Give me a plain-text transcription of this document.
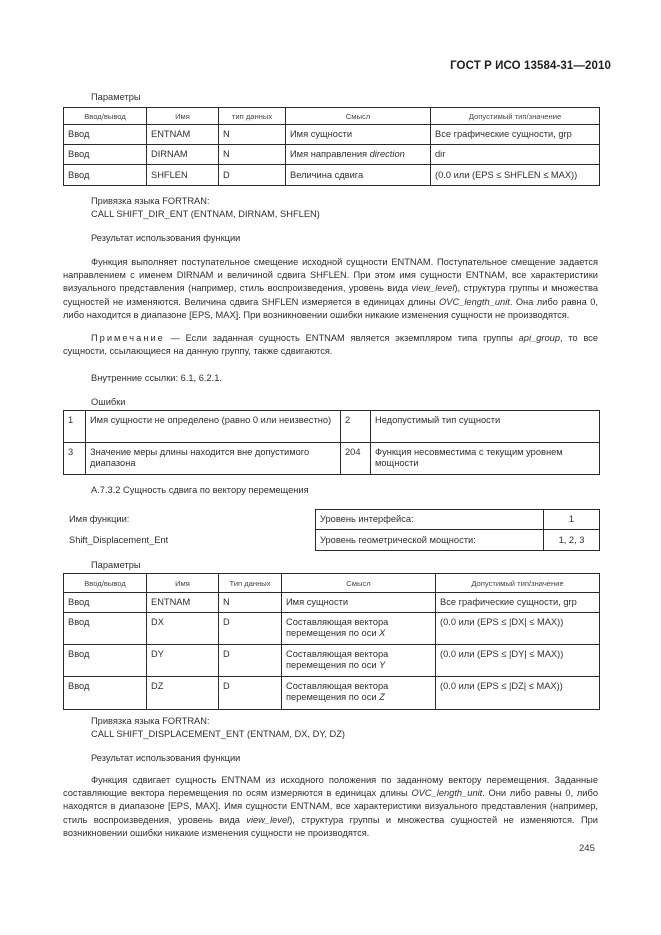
ГОСТ Р ИСО 13584-31—2010
Параметры
Ввод/вывод	Имя	тип данных	Смысл	Допустимый тип/значение
Ввод	ENTNAM	N	Имя сущности	Все графические сущности, grp
Ввод	DIRNAM	N	Имя направления direction	dir
Ввод	SHFLEN	D	Величина сдвига	(0.0 или (EPS ≤ SHFLEN ≤ MAX))
Привязка языка FORTRAN:
CALL SHIFT_DIR_ENT (ENTNAM, DIRNAM, SHFLEN)
Результат использования функции
Функция выполняет поступательное смещение исходной сущности ENTNAM. Поступательное смещение задается направлением с именем DIRNAM и величиной сдвига SHFLEN. При этом имя сущности ENTNAM, все характеристики визуального представления (например, стиль воспроизведения, уровень вида view_level), структура группы и множества сущностей не изменяются. Величина сдвига SHFLEN измеряется в единицах длины OVC_length_unit. Она либо равна 0, либо находится в диапазоне [EPS, MAX]. При возникновении ошибки никакие изменения сущности не производятся.
Примечание — Если заданная сущность ENTNAM является экземпляром типа группы api_group, то все сущности, ссылающиеся на данную группу, также сдвигаются.
Внутренние ссылки: 6.1, 6.2.1.
Ошибки
1	Имя сущности не определено (равно 0 или неизвестно)	2	Недопустимый тип сущности
3	Значение меры длины находится вне допустимого диапазона	204	Функция несовместима с текущим уровнем мощности
A.7.3.2 Сущность сдвига по вектору перемещения
Имя функции:
Shift_Displacement_Ent
Уровень интерфейса:	1
Уровень геометрической мощности:	1, 2, 3
Параметры
Ввод/вывод	Имя	Тип данных	Смысл	Допустимый тип/значение
Ввод	ENTNAM	N	Имя сущности	Все графические сущности, grp
Ввод	DX	D	Составляющая вектора перемещения по оси X	(0.0 или (EPS ≤ |DX| ≤ MAX))
Ввод	DY	D	Составляющая вектора перемещения по оси Y	(0.0 или (EPS ≤ |DY| ≤ MAX))
Ввод	DZ	D	Составляющая вектора перемещения по оси Z	(0.0 или (EPS ≤ |DZ| ≤ MAX))
Привязка языка FORTRAN:
CALL SHIFT_DISPLACEMENT_ENT (ENTNAM, DX, DY, DZ)
Результат использования функции
Функция сдвигает сущность ENTNAM из исходного положения по заданному вектору перемещения. Заданные составляющие вектора перемещения по осям измеряются в единицах длины OVC_length_unit. Они либо равны 0, либо находятся в диапазоне [EPS, MAX]. Имя сущности ENTNAM, все характеристики визуального представления (например, стиль воспроизведения, уровень вида view_level), структура группы и множества сущностей не изменяются. При возникновении ошибки никакие изменения сущности не производятся.
245
